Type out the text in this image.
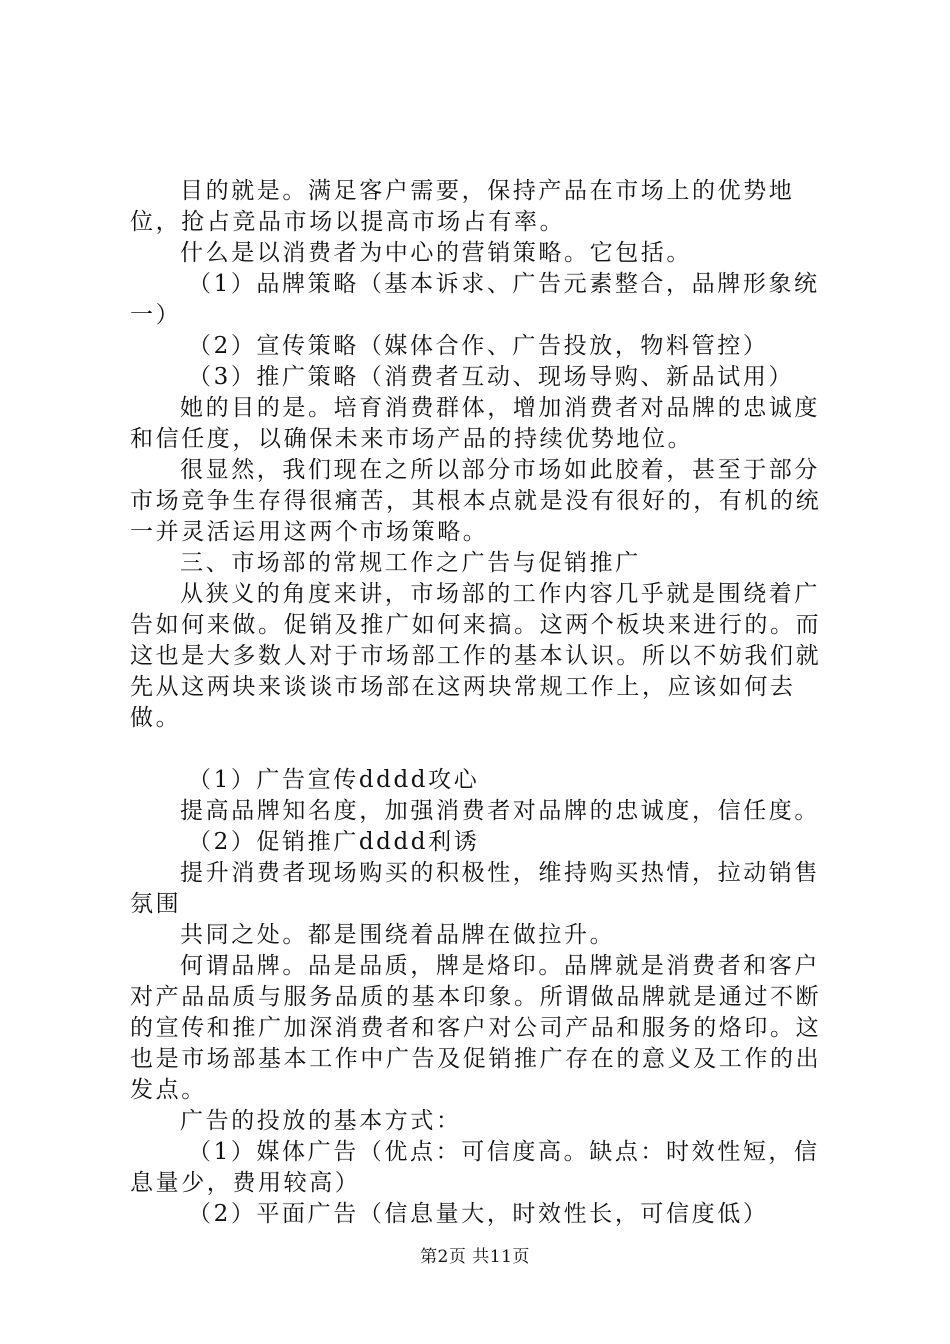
目的就是。满足客户需要，保持产品在市场上的优势地位，抢占竞品市场以提高市场占有率。

什么是以消费者为中心的营销策略。它包括。

（1）品牌策略（基本诉求、广告元素整合，品牌形象统一）

（2）宣传策略（媒体合作、广告投放，物料管控）

（3）推广策略（消费者互动、现场导购、新品试用）

她的目的是。培育消费群体，增加消费者对品牌的忠诚度和信任度，以确保未来市场产品的持续优势地位。

很显然，我们现在之所以部分市场如此胶着，甚至于部分市场竞争生存得很痛苦，其根本点就是没有很好的，有机的统一并灵活运用这两个市场策略。

三、市场部的常规工作之广告与促销推广

从狭义的角度来讲，市场部的工作内容几乎就是围绕着广告如何来做。促销及推广如何来搞。这两个板块来进行的。而这也是大多数人对于市场部工作的基本认识。所以不妨我们就先从这两块来谈谈市场部在这两块常规工作上，应该如何去做。

（1）广告宣传dddd攻心

提高品牌知名度，加强消费者对品牌的忠诚度，信任度。

（2）促销推广dddd利诱

提升消费者现场购买的积极性，维持购买热情，拉动销售氛围

共同之处。都是围绕着品牌在做拉升。

何谓品牌。品是品质，牌是烙印。品牌就是消费者和客户对产品品质与服务品质的基本印象。所谓做品牌就是通过不断的宣传和推广加深消费者和客户对公司产品和服务的烙印。这也是市场部基本工作中广告及促销推广存在的意义及工作的出发点。

广告的投放的基本方式：

（1）媒体广告（优点：可信度高。缺点：时效性短，信息量少，费用较高）

（2）平面广告（信息量大，时效性长，可信度低）

第2页 共11页
